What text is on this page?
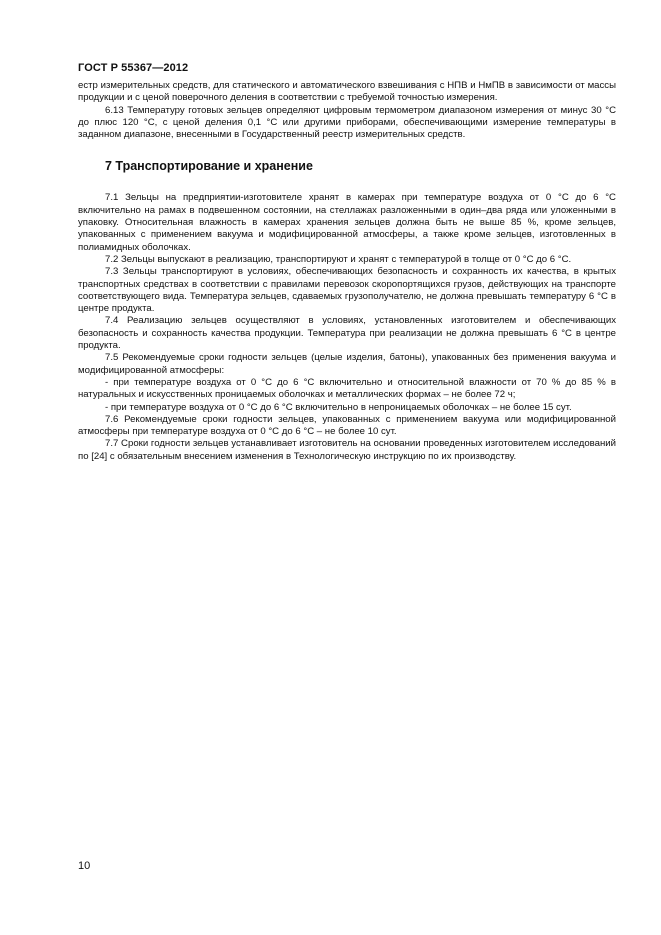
ГОСТ Р 55367—2012

естр измерительных средств, для статического и автоматического взвешивания с НПВ и НмПВ в зависимости от массы продукции и с ценой поверочного деления в соответствии с требуемой точностью измерения.

6.13 Температуру готовых зельцев определяют цифровым термометром диапазоном измерения от минус 30 °С до плюс 120 °С, с ценой деления 0,1 °С или другими приборами, обеспечивающими измерение температуры в заданном диапазоне, внесенными в Государственный реестр измерительных средств.

7 Транспортирование и хранение

7.1 Зельцы на предприятии-изготовителе хранят в камерах при температуре воздуха от 0 °С до 6 °С включительно на рамах в подвешенном состоянии, на стеллажах разложенными в один–два ряда или уложенными в упаковку. Относительная влажность в камерах хранения зельцев должна быть не выше 85 %, кроме зельцев, упакованных с применением вакуума и модифицированной атмосферы, а также кроме зельцев, изготовленных в полиамидных оболочках.

7.2 Зельцы выпускают в реализацию, транспортируют и хранят с температурой в толще от 0 °С до 6 °С.

7.3 Зельцы транспортируют в условиях, обеспечивающих безопасность и сохранность их качества, в крытых транспортных средствах в соответствии с правилами перевозок скоропортящихся грузов, действующих на транспорте соответствующего вида. Температура зельцев, сдаваемых грузополучателю, не должна превышать температуру 6 °С в центре продукта.

7.4 Реализацию зельцев осуществляют в условиях, установленных изготовителем и обеспечивающих безопасность и сохранность качества продукции. Температура при реализации не должна превышать 6 °С в центре продукта.

7.5 Рекомендуемые сроки годности зельцев (целые изделия, батоны), упакованных без применения вакуума и модифицированной атмосферы:

- при температуре воздуха от 0 °С до 6 °С включительно и относительной влажности от 70 % до 85 % в натуральных и искусственных проницаемых оболочках и металлических формах – не более 72 ч;

- при температуре воздуха от 0 °С до 6 °С включительно в непроницаемых оболочках – не более 15 сут.

7.6 Рекомендуемые сроки годности зельцев, упакованных с применением вакуума или модифицированной атмосферы при температуре воздуха от 0 °С до 6 °С – не более 10 сут.

7.7 Сроки годности зельцев устанавливает изготовитель на основании проведенных изготовителем исследований по [24] с обязательным внесением изменения в Технологическую инструкцию по их производству.

10
